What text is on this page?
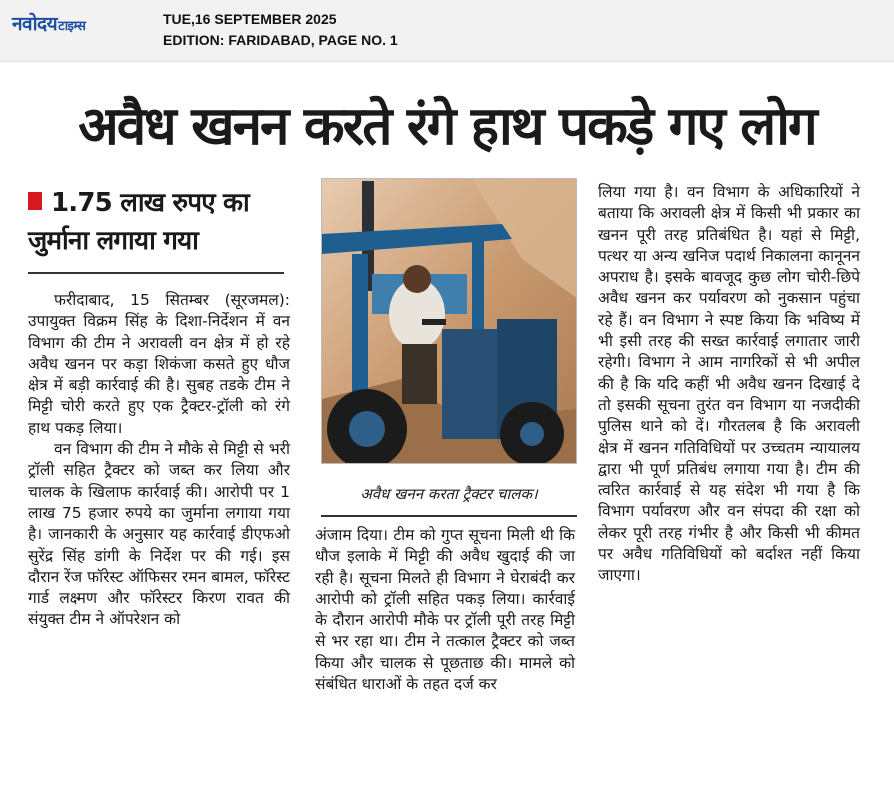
नवोदयटाइम्स	TUE,16 SEPTEMBER 2025
EDITION: FARIDABAD, PAGE NO. 1
अवैध खनन करते रंगे हाथ पकड़े गए लोग
1.75 लाख रुपए का जुर्माना लगाया गया

फरीदाबाद, 15 सितम्बर (सूरजमल): उपायुक्त विक्रम सिंह के दिशा-निर्देशन में वन विभाग की टीम ने अरावली वन क्षेत्र में हो रहे अवैध खनन पर कड़ा शिकंजा कसते हुए धौज क्षेत्र में बड़ी कार्रवाई की है। सुबह तडके टीम ने मिट्टी चोरी करते हुए एक ट्रैक्टर-ट्रॉली को रंगे हाथ पकड़ लिया।

वन विभाग की टीम ने मौके से मिट्टी से भरी ट्रॉली सहित ट्रैक्टर को जब्त कर लिया और चालक के खिलाफ कार्रवाई की। आरोपी पर 1 लाख 75 हजार रुपये का जुर्माना लगाया गया है। जानकारी के अनुसार यह कार्रवाई डीएफओ सुरेंद्र सिंह डांगी के निर्देश पर की गई। इस दौरान रेंज फॉरेस्ट ऑफिसर रमन बामल, फॉरेस्ट गार्ड लक्ष्मण और फॉरेस्टर किरण रावत की संयुक्त टीम ने ऑपरेशन को

अवैध खनन करता ट्रैक्टर चालक।

अंजाम दिया। टीम को गुप्त सूचना मिली थी कि धौज इलाके में मिट्टी की अवैध खुदाई की जा रही है। सूचना मिलते ही विभाग ने घेराबंदी कर आरोपी को ट्रॉली सहित पकड़ लिया। कार्रवाई के दौरान आरोपी मौके पर ट्रॉली पूरी तरह मिट्टी से भर रहा था। टीम ने तत्काल ट्रैक्टर को जब्त किया और चालक से पूछताछ की। मामले को संबंधित धाराओं के तहत दर्ज कर

लिया गया है। वन विभाग के अधिकारियों ने बताया कि अरावली क्षेत्र में किसी भी प्रकार का खनन पूरी तरह प्रतिबंधित है। यहां से मिट्टी, पत्थर या अन्य खनिज पदार्थ निकालना कानूनन अपराध है। इसके बावजूद कुछ लोग चोरी-छिपे अवैध खनन कर पर्यावरण को नुकसान पहुंचा रहे हैं। वन विभाग ने स्पष्ट किया कि भविष्य में भी इसी तरह की सख्त कार्रवाई लगातार जारी रहेगी। विभाग ने आम नागरिकों से भी अपील की है कि यदि कहीं भी अवैध खनन दिखाई दे तो इसकी सूचना तुरंत वन विभाग या नजदीकी पुलिस थाने को दें। गौरतलब है कि अरावली क्षेत्र में खनन गतिविधियों पर उच्चतम न्यायालय द्वारा भी पूर्ण प्रतिबंध लगाया गया है। टीम की त्वरित कार्रवाई से यह संदेश भी गया है कि विभाग पर्यावरण और वन संपदा की रक्षा को लेकर पूरी तरह गंभीर है और किसी भी कीमत पर अवैध गतिविधियों को बर्दाश्त नहीं किया जाएगा।
